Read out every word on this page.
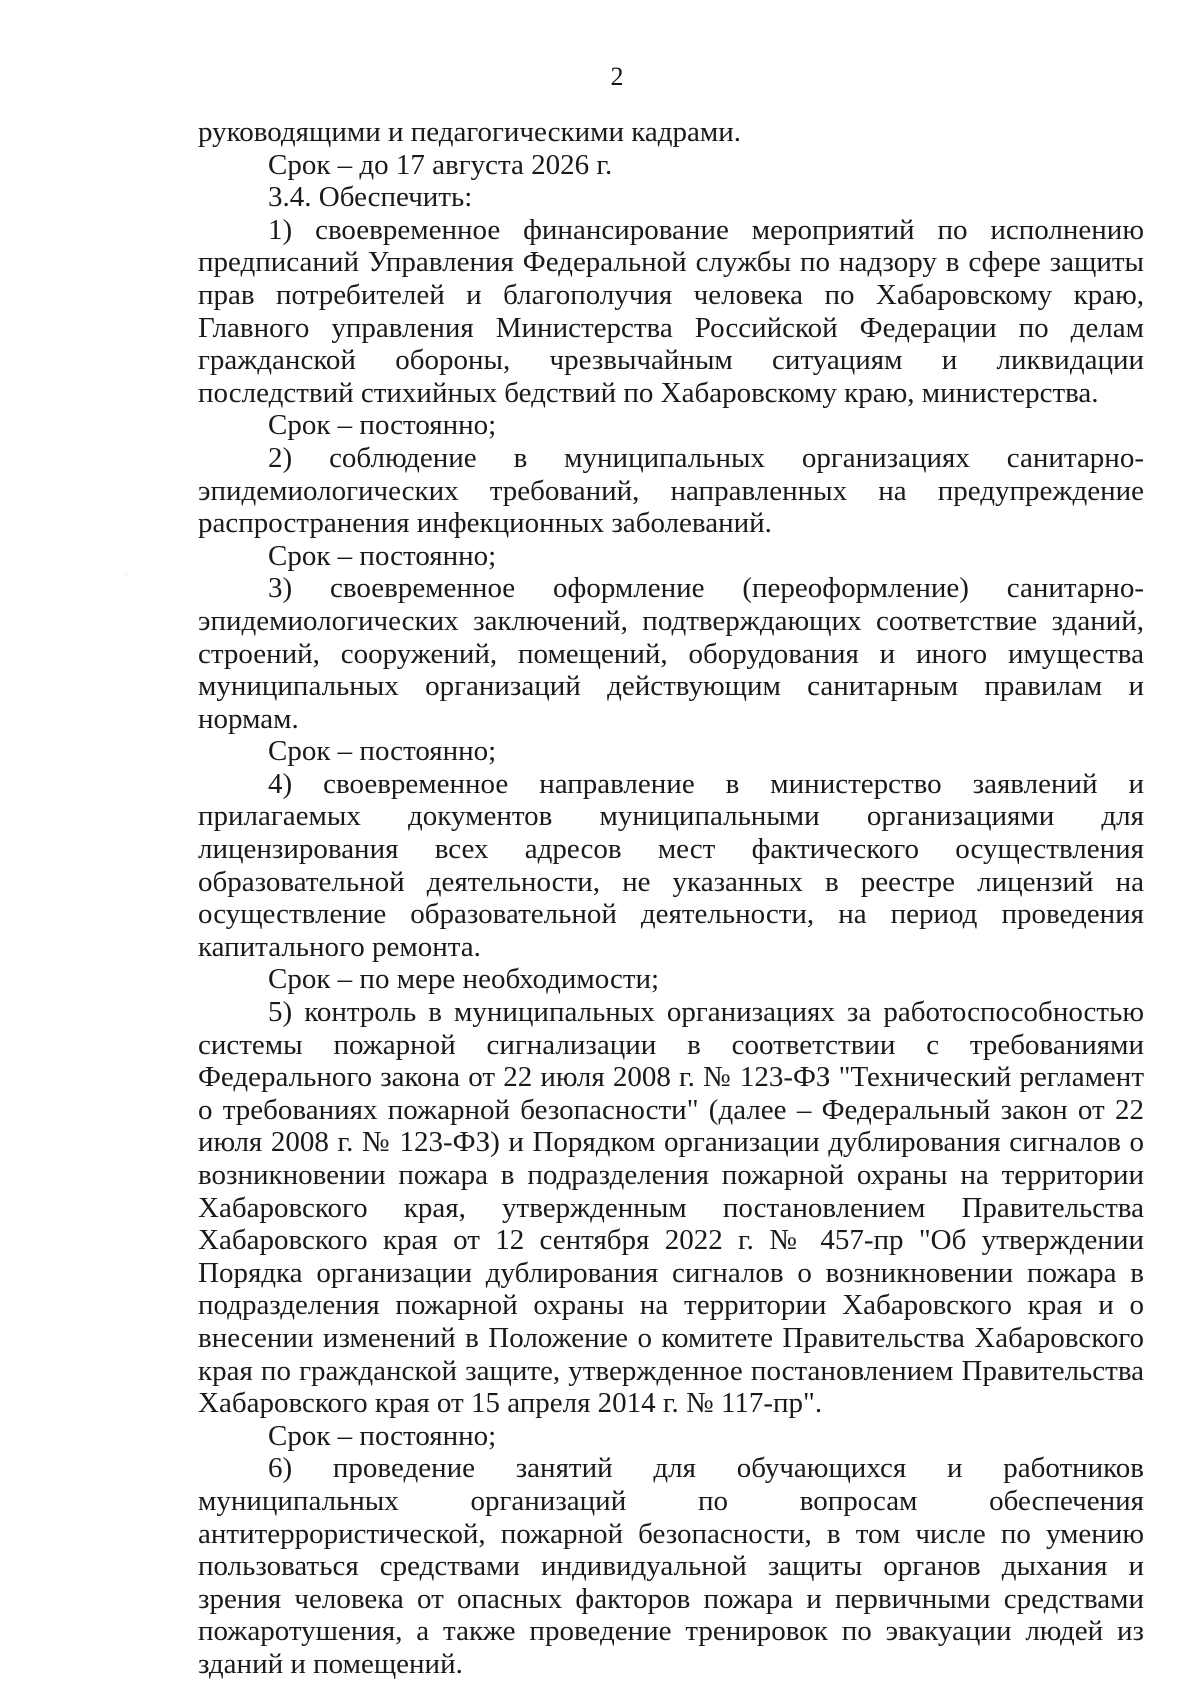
2

руководящими и педагогическими кадрами.

Срок – до 17 августа 2026 г.

3.4. Обеспечить:

1) своевременное финансирование мероприятий по исполнению предписаний Управления Федеральной службы по надзору в сфере защиты прав потребителей и благополучия человека по Хабаровскому краю, Главного управления Министерства Российской Федерации по делам гражданской обороны, чрезвычайным ситуациям и ликвидации последствий стихийных бедствий по Хабаровскому краю, министерства.

Срок – постоянно;

2) соблюдение в муниципальных организациях санитарно-эпидемиологических требований, направленных на предупреждение распространения инфекционных заболеваний.

Срок – постоянно;

3) своевременное оформление (переоформление) санитарно-эпидемиологических заключений, подтверждающих соответствие зданий, строений, сооружений, помещений, оборудования и иного имущества муниципальных организаций действующим санитарным правилам и нормам.

Срок – постоянно;

4) своевременное направление в министерство заявлений и прилагаемых документов муниципальными организациями для лицензирования всех адресов мест фактического осуществления образовательной деятельности, не указанных в реестре лицензий на осуществление образовательной деятельности, на период проведения капитального ремонта.

Срок – по мере необходимости;

5) контроль в муниципальных организациях за работоспособностью системы пожарной сигнализации в соответствии с требованиями Федерального закона от 22 июля 2008 г. № 123-ФЗ "Технический регламент о требованиях пожарной безопасности" (далее – Федеральный закон от 22 июля 2008 г. № 123-ФЗ) и Порядком организации дублирования сигналов о возникновении пожара в подразделения пожарной охраны на территории Хабаровского края, утвержденным постановлением Правительства Хабаровского края от 12 сентября 2022 г. № 457-пр "Об утверждении Порядка организации дублирования сигналов о возникновении пожара в подразделения пожарной охраны на территории Хабаровского края и о внесении изменений в Положение о комитете Правительства Хабаровского края по гражданской защите, утвержденное постановлением Правительства Хабаровского края от 15 апреля 2014 г. № 117-пр".

Срок – постоянно;

6) проведение занятий для обучающихся и работников муниципальных организаций по вопросам обеспечения антитеррористической, пожарной безопасности, в том числе по умению пользоваться средствами индивидуальной защиты органов дыхания и зрения человека от опасных факторов пожара и первичными средствами пожаротушения, а также проведение тренировок по эвакуации людей из зданий и помещений.
